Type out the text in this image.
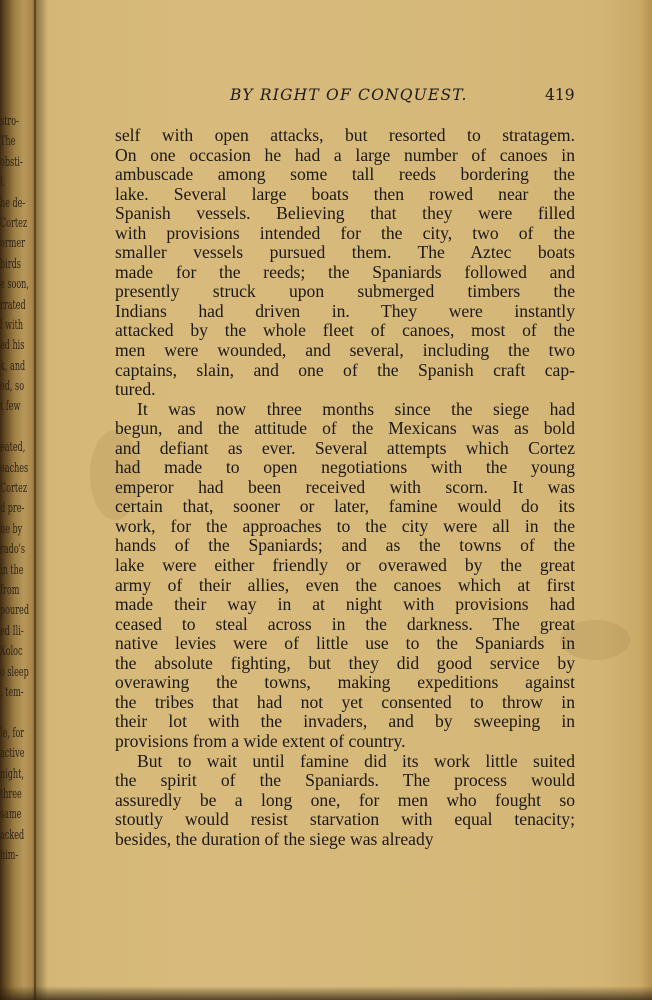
stro-
The
obsti-
l.
he de-
Cortez
ormer
birds
e soon,
rrated
l with
ed his
k, and
ed, so
t few
eated,
eaches
Cortez
d pre-
ne by
rado's
in the
from
poured
ed Ili-
Xoloc
o sleep
, tem-
le, for
active
night,
three
same
acked
him-
BY RIGHT OF CONQUEST.	419
self with open attacks, but resorted to stratagem.
On one occasion he had a large number of canoes in
ambuscade among some tall reeds bordering the
lake. Several large boats then rowed near the
Spanish vessels. Believing that they were filled
with provisions intended for the city, two of the
smaller vessels pursued them. The Aztec boats
made for the reeds; the Spaniards followed and
presently struck upon submerged timbers the
Indians had driven in. They were instantly
attacked by the whole fleet of canoes, most of the
men were wounded, and several, including the two
captains, slain, and one of the Spanish craft cap-
tured.
It was now three months since the siege had
begun, and the attitude of the Mexicans was as bold
and defiant as ever. Several attempts which Cortez
had made to open negotiations with the young
emperor had been received with scorn. It was
certain that, sooner or later, famine would do its
work, for the approaches to the city were all in the
hands of the Spaniards; and as the towns of the
lake were either friendly or overawed by the great
army of their allies, even the canoes which at first
made their way in at night with provisions had
ceased to steal across in the darkness. The great
native levies were of little use to the Spaniards in
the absolute fighting, but they did good service by
overawing the towns, making expeditions against
the tribes that had not yet consented to throw in
their lot with the invaders, and by sweeping in
provisions from a wide extent of country.
But to wait until famine did its work little suited
the spirit of the Spaniards. The process would
assuredly be a long one, for men who fought so
stoutly would resist starvation with equal tenacity;
besides, the duration of the siege was already
